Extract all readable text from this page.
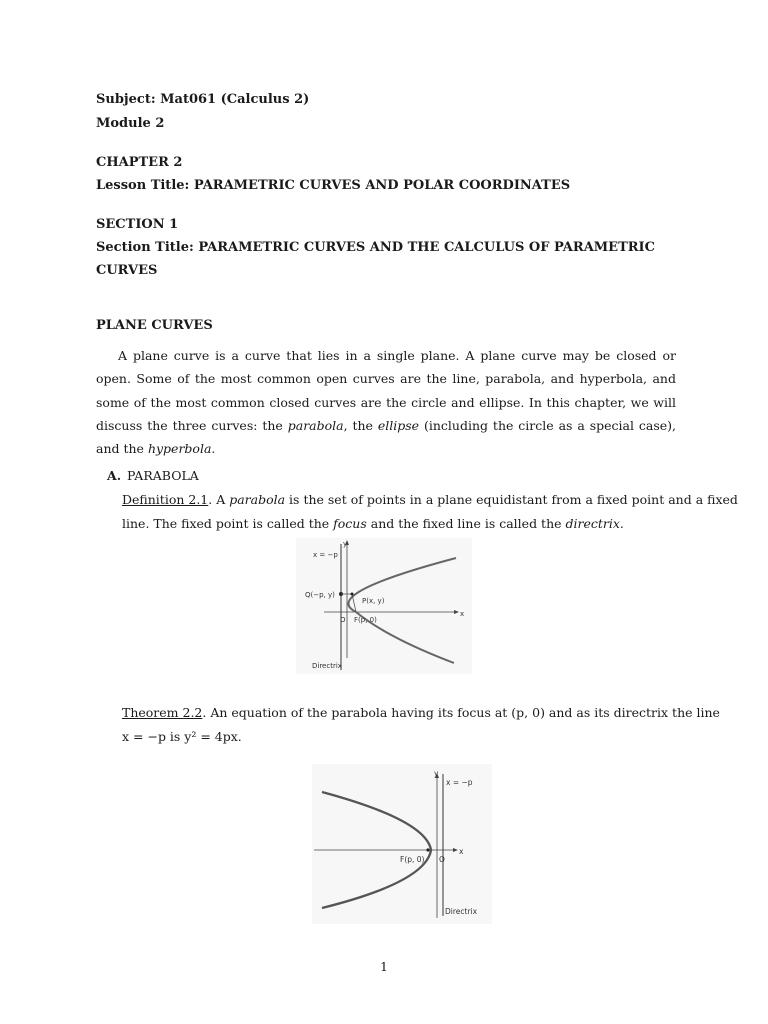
Subject: Mat061 (Calculus 2)
Module 2
CHAPTER 2
Lesson Title: PARAMETRIC CURVES AND POLAR COORDINATES
SECTION 1
Section Title: PARAMETRIC CURVES AND THE CALCULUS OF PARAMETRIC
CURVES
PLANE CURVES

A plane curve is a curve that lies in a single plane. A plane curve may be closed or open. Some of the most common open curves are the line, parabola, and hyperbola, and some of the most common closed curves are the circle and ellipse. In this chapter, we will discuss the three curves: the parabola, the ellipse (including the circle as a special case), and the hyperbola.

A. PARABOLA
Definition 2.1. A parabola is the set of points in a plane equidistant from a fixed point and a fixed
line. The fixed point is called the focus and the fixed line is called the directrix.
x = −p
y
x
Q(−p, y)
P(x, y)
O F(p, 0)
Directrix
Theorem 2.2. An equation of the parabola having its focus at (p, 0) and as its directrix the line
x = −p is y² = 4px.
y
x = −p
x
F(p, 0) O
Directrix
1
